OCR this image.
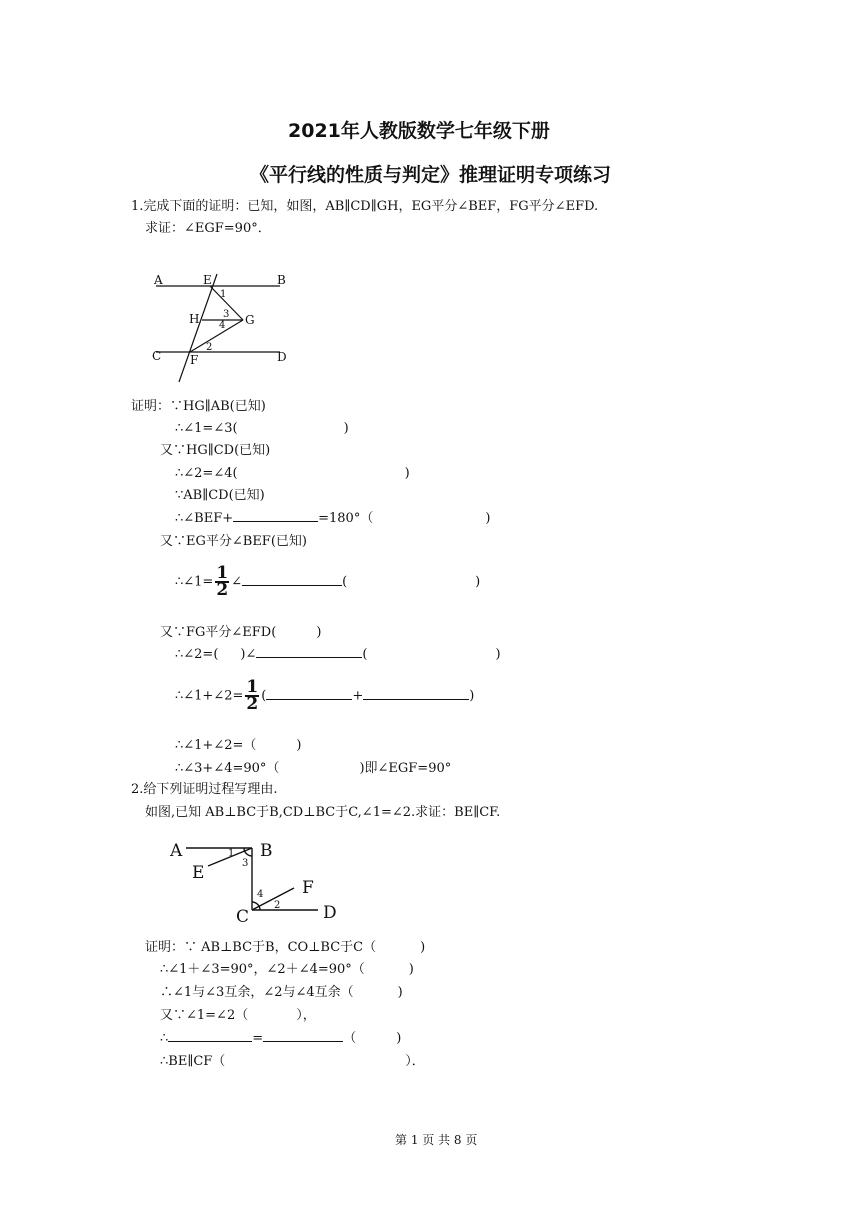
2021年人教版数学七年级下册
《平行线的性质与判定》推理证明专项练习
1.完成下面的证明：已知，如图，AB∥CD∥GH，EG平分∠BEF，FG平分∠EFD.
求证：∠EGF=90°．
A	E	B
H	G
C F	D
1
2
3
4
证明：∵HG∥AB(已知)
∴∠1=∠3(	)
又∵HG∥CD(已知)
∴∠2=∠4(	)
∵AB∥CD(已知)
∴∠BEF+	=180°（	)
又∵EG平分∠BEF(已知)
∴∠1= $\frac{1}{2}$ ∠	(	)
又∵FG平分∠EFD(	)
∴∠2=( )∠	(	)
∴∠1+∠2= $\frac{1}{2}$ (	+	)
∴∠1+∠2=（	)
∴∠3+∠4=90°（	)即∠EGF=90°
2.给下列证明过程写理由.
如图,已知 AB⊥BC于B,CD⊥BC于C,∠1=∠2.求证：BE∥CF.
A	B
E
F
C	D
1
2
3
4
证明：∵ AB⊥BC于B，CO⊥BC于C（	)
∴∠1＋∠3=90°，∠2＋∠4=90°（	)
∴∠1与∠3互余，∠2与∠4互余（	)
又∵∠1=∠2（	），
∴	=	（	)
∴BE∥CF（	）．
第 1 页 共 8 页
